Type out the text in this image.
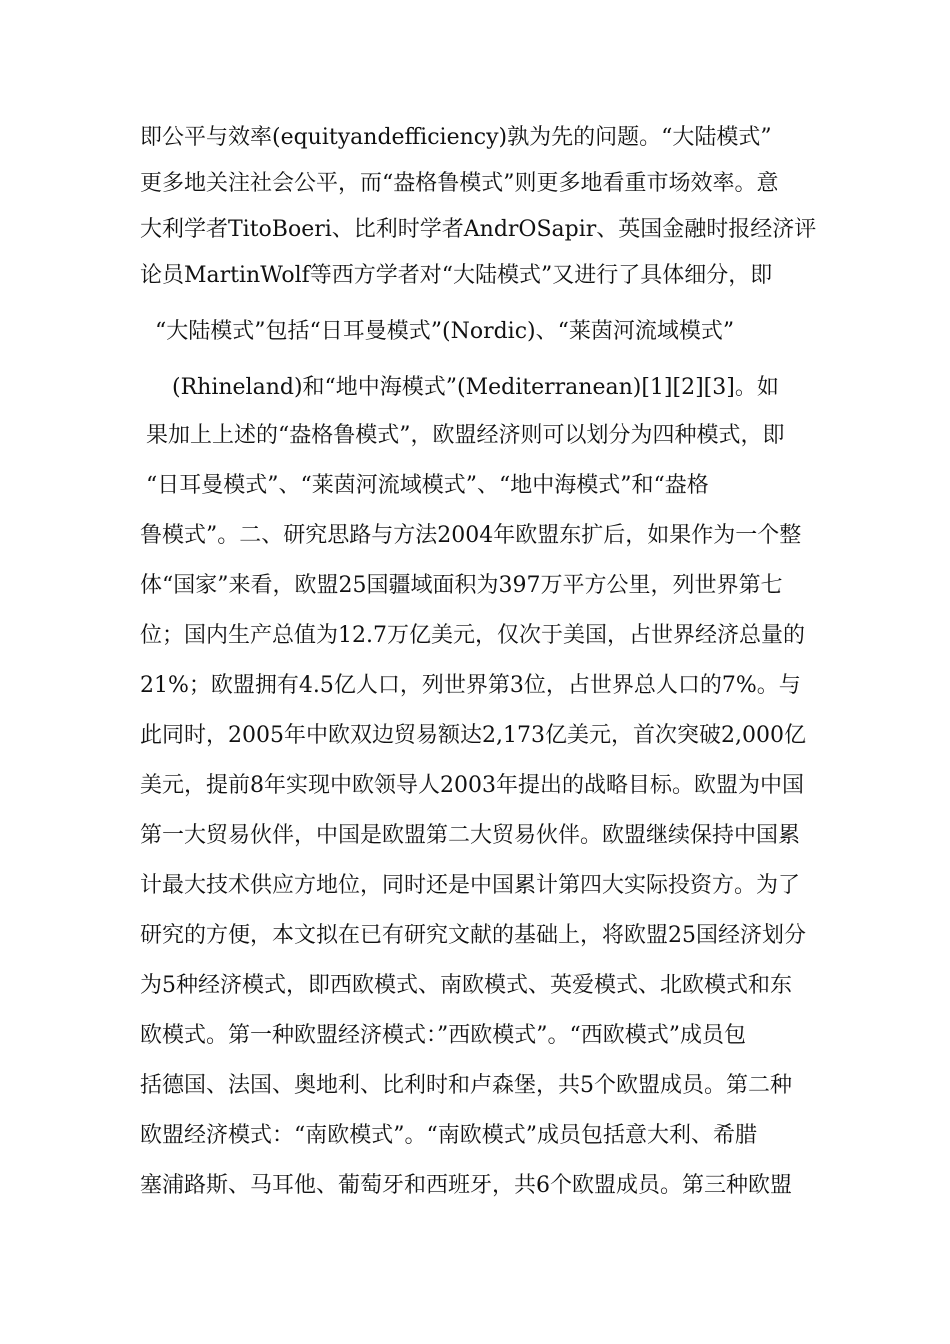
即公平与效率(equityandefficiency)孰为先的问题。“大陆模式”
更多地关注社会公平，而“盎格鲁模式”则更多地看重市场效率。意
大利学者TitoBoeri、比利时学者AndrOSapir、英国金融时报经济评
论员MartinWolf等西方学者对“大陆模式”又进行了具体细分，即
“大陆模式”包括“日耳曼模式”(Nordic)、“莱茵河流域模式”
(Rhineland)和“地中海模式”(Mediterranean)[1][2][3]。如
果加上上述的“盎格鲁模式”，欧盟经济则可以划分为四种模式，即
“日耳曼模式”、“莱茵河流域模式”、“地中海模式”和“盎格
鲁模式”。二、研究思路与方法2004年欧盟东扩后，如果作为一个整
体“国家”来看，欧盟25国疆域面积为397万平方公里，列世界第七
位；国内生产总值为12.7万亿美元，仅次于美国，占世界经济总量的
21%；欧盟拥有4.5亿人口，列世界第3位，占世界总人口的7%。与
此同时，2005年中欧双边贸易额达2,173亿美元，首次突破2,000亿
美元，提前8年实现中欧领导人2003年提出的战略目标。欧盟为中国
第一大贸易伙伴，中国是欧盟第二大贸易伙伴。欧盟继续保持中国累
计最大技术供应方地位，同时还是中国累计第四大实际投资方。为了
研究的方便，本文拟在已有研究文献的基础上，将欧盟25国经济划分
为5种经济模式，即西欧模式、南欧模式、英爱模式、北欧模式和东
欧模式。第一种欧盟经济模式：”西欧模式”。“西欧模式”成员包
括德国、法国、奥地利、比利时和卢森堡，共5个欧盟成员。第二种
欧盟经济模式：“南欧模式”。“南欧模式”成员包括意大利、希腊
塞浦路斯、马耳他、葡萄牙和西班牙，共6个欧盟成员。第三种欧盟
